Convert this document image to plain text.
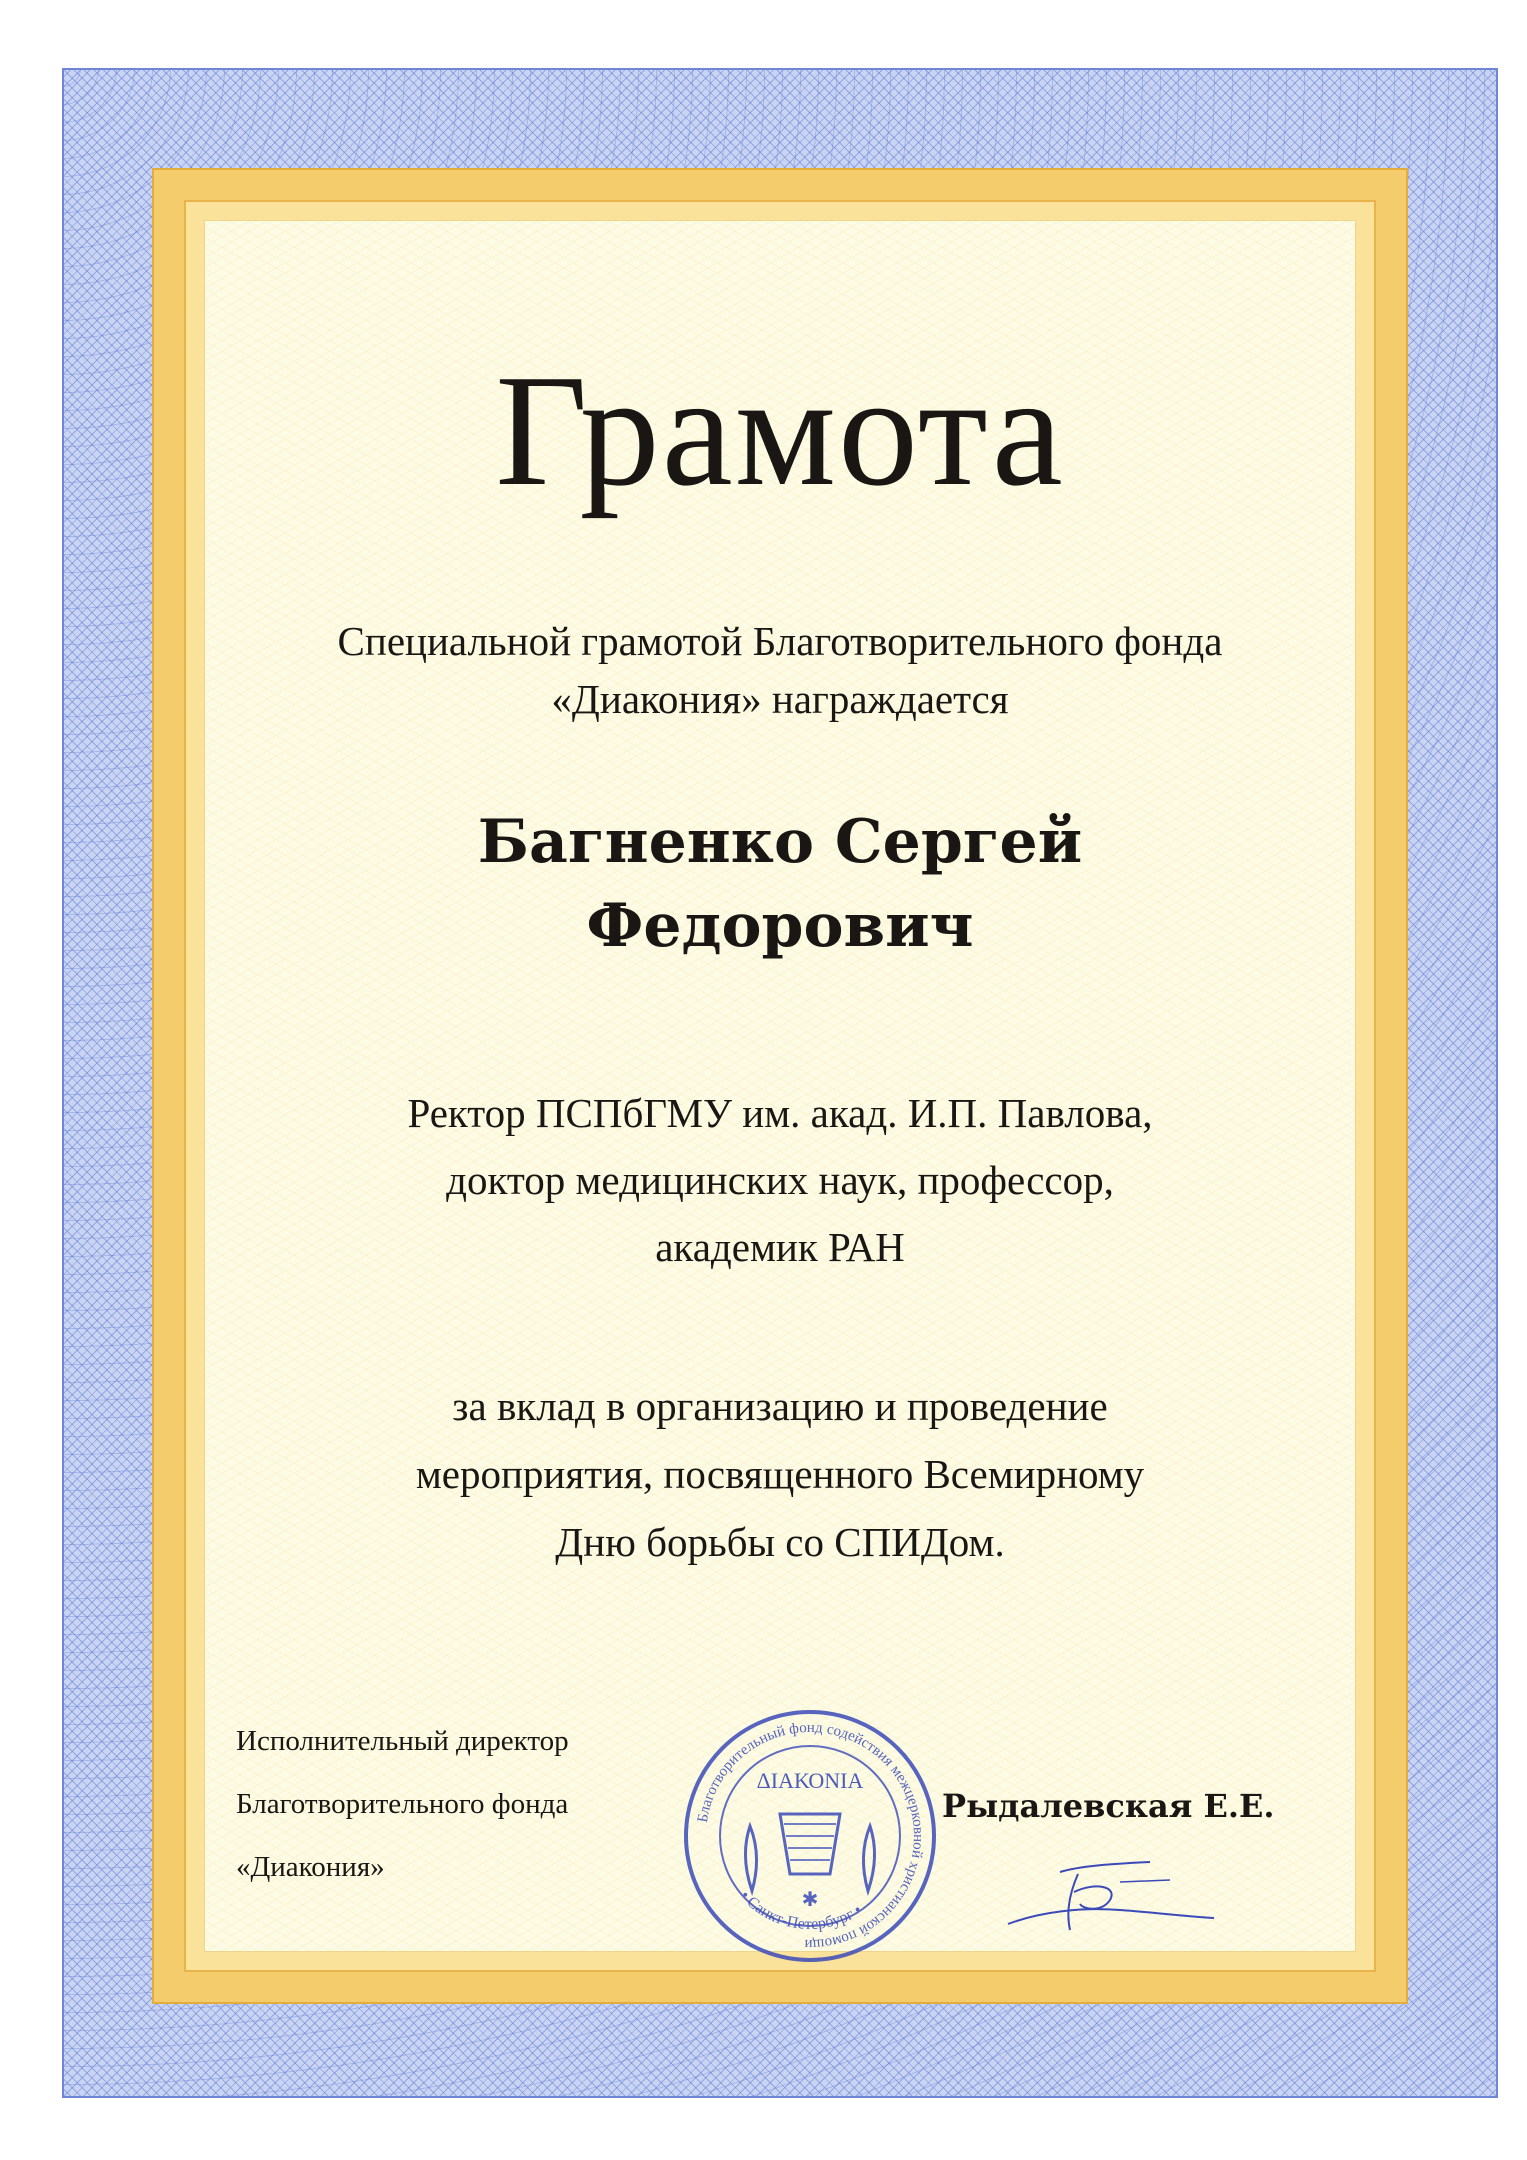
Грамота
Специальной грамотой Благотворительного фонда
«Диакония» награждается
Багненко Сергей
Федорович
Ректор ПСПбГМУ им. акад. И.П. Павлова,
доктор медицинских наук, профессор,
академик РАН
за вклад в организацию и проведение
мероприятия, посвященного Всемирному
Дню борьбы со СПИДом.
Исполнительный директор
Благотворительного фонда
«Диакония»
Благотворительный фонд содействия межцерковной христианской помощи
ΔΙΑΚΟΝΙΑ
✱
• Санкт-Петербург •
Рыдалевская Е.Е.
